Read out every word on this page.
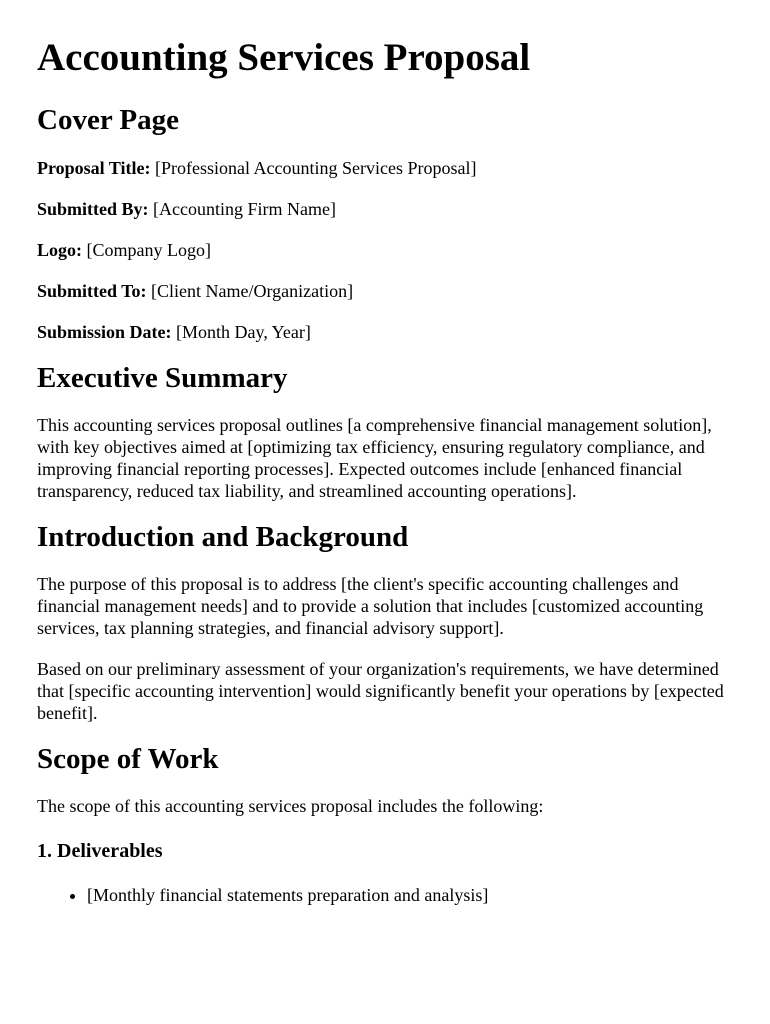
Accounting Services Proposal
Cover Page
Proposal Title: [Professional Accounting Services Proposal]
Submitted By: [Accounting Firm Name]
Logo: [Company Logo]
Submitted To: [Client Name/Organization]
Submission Date: [Month Day, Year]
Executive Summary

This accounting services proposal outlines [a comprehensive financial management solution], with key objectives aimed at [optimizing tax efficiency, ensuring regulatory compliance, and improving financial reporting processes]. Expected outcomes include [enhanced financial transparency, reduced tax liability, and streamlined accounting operations].

Introduction and Background

The purpose of this proposal is to address [the client's specific accounting challenges and financial management needs] and to provide a solution that includes [customized accounting services, tax planning strategies, and financial advisory support].

Based on our preliminary assessment of your organization's requirements, we have determined that [specific accounting intervention] would significantly benefit your operations by [expected benefit].

Scope of Work

The scope of this accounting services proposal includes the following:

1. Deliverables
• [Monthly financial statements preparation and analysis]
